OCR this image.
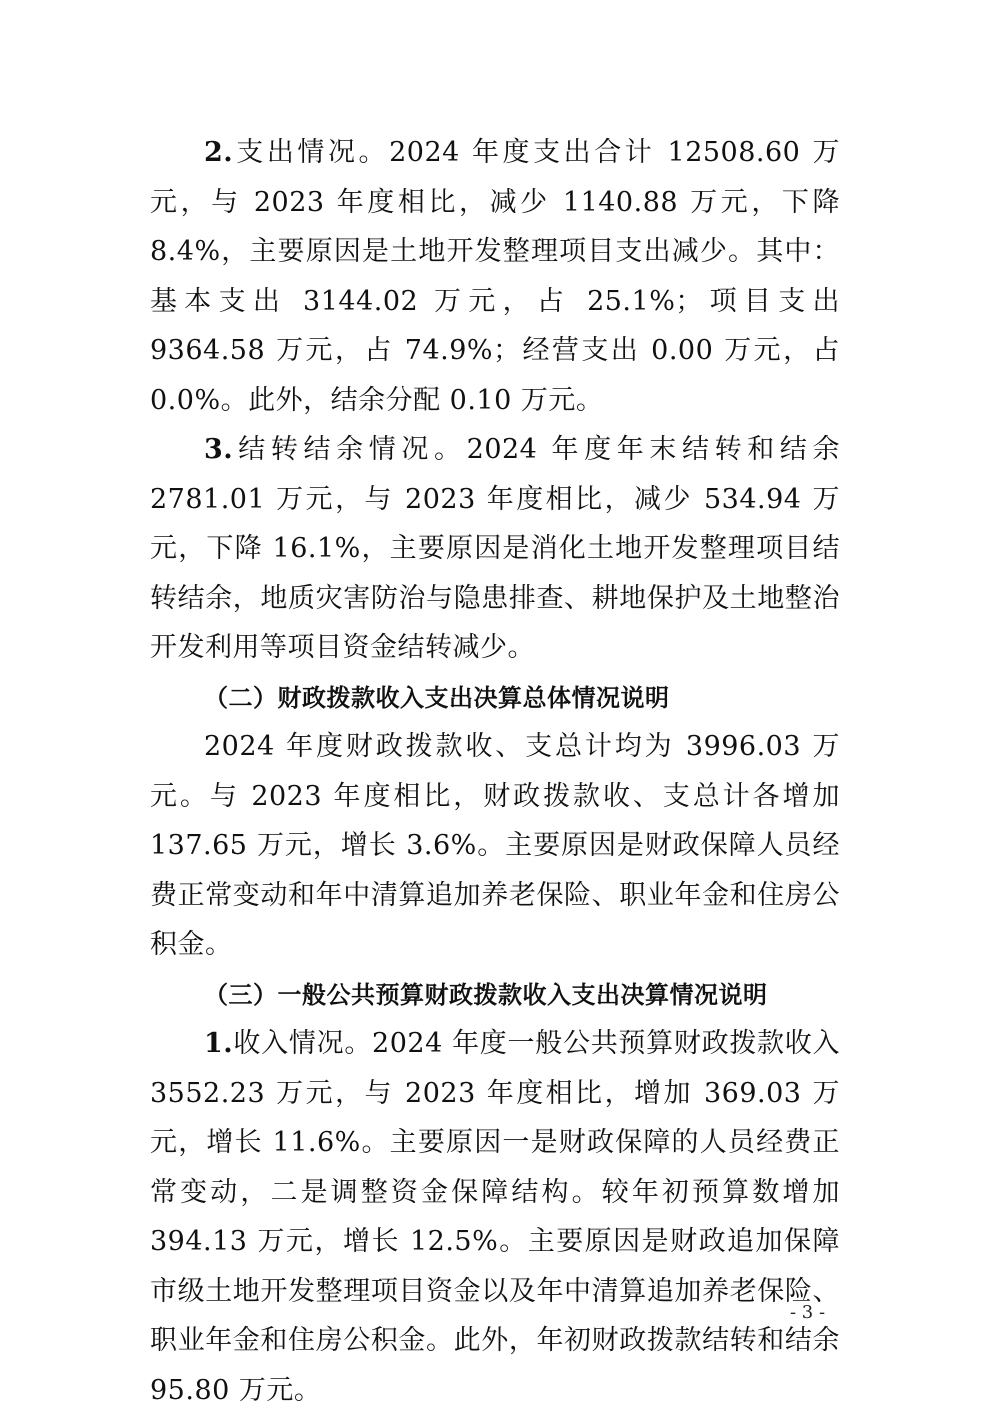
2.支出情况。2024 年度支出合计 12508.60 万元，与 2023 年度相比，减少 1140.88 万元，下降 8.4%，主要原因是土地开发整理项目支出减少。其中：基本支出 3144.02 万元，占 25.1%；项目支出 9364.58 万元，占 74.9%；经营支出 0.00 万元，占 0.0%。此外，结余分配 0.10 万元。

3.结转结余情况。2024 年度年末结转和结余 2781.01 万元，与 2023 年度相比，减少 534.94 万元，下降 16.1%，主要原因是消化土地开发整理项目结转结余，地质灾害防治与隐患排查、耕地保护及土地整治开发利用等项目资金结转减少。

（二）财政拨款收入支出决算总体情况说明

2024 年度财政拨款收、支总计均为 3996.03 万元。与 2023 年度相比，财政拨款收、支总计各增加 137.65 万元，增长 3.6%。主要原因是财政保障人员经费正常变动和年中清算追加养老保险、职业年金和住房公积金。

（三）一般公共预算财政拨款收入支出决算情况说明

1.收入情况。2024 年度一般公共预算财政拨款收入 3552.23 万元，与 2023 年度相比，增加 369.03 万元，增长 11.6%。主要原因一是财政保障的人员经费正常变动，二是调整资金保障结构。较年初预算数增加 394.13 万元，增长 12.5%。主要原因是财政追加保障市级土地开发整理项目资金以及年中清算追加养老保险、职业年金和住房公积金。此外，年初财政拨款结转和结余 95.80 万元。

- 3 -
